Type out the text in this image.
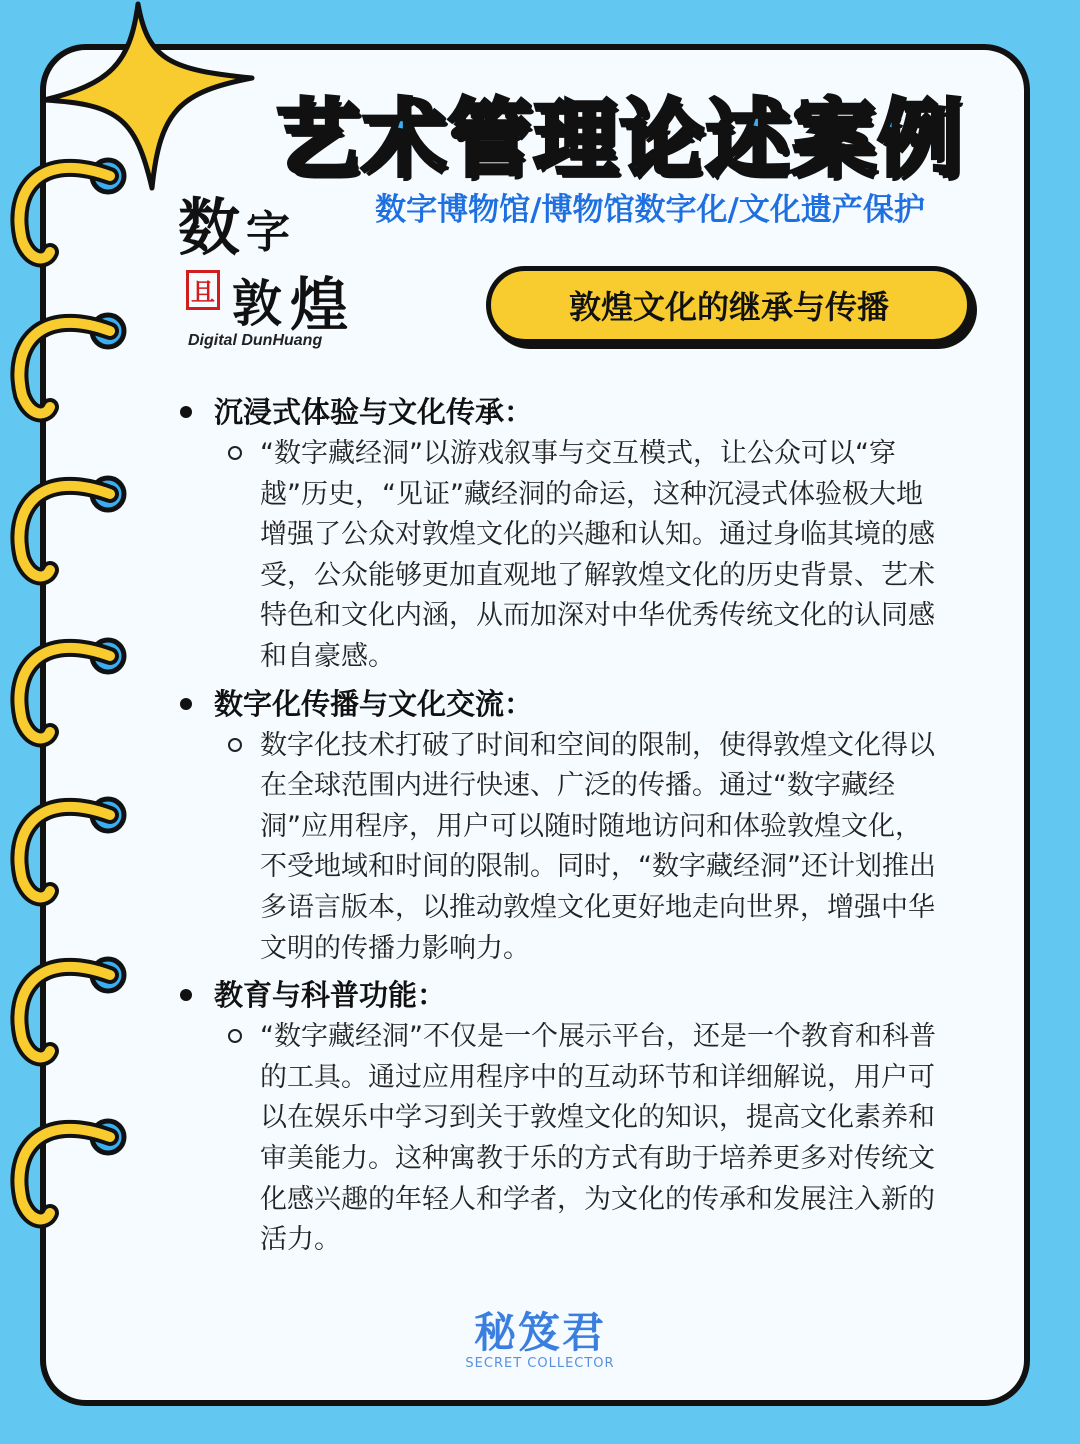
艺术管理论述案例
数字博物馆/博物馆数字化/文化遗产保护
数 字
且 敦 煌
Digital DunHuang
敦煌文化的继承与传播
沉浸式体验与文化传承：
“数字藏经洞”以游戏叙事与交互模式，让公众可以“穿越”历史，“见证”藏经洞的命运，这种沉浸式体验极大地增强了公众对敦煌文化的兴趣和认知。通过身临其境的感受，公众能够更加直观地了解敦煌文化的历史背景、艺术特色和文化内涵，从而加深对中华优秀传统文化的认同感和自豪感。
数字化传播与文化交流：
数字化技术打破了时间和空间的限制，使得敦煌文化得以在全球范围内进行快速、广泛的传播。通过“数字藏经洞”应用程序，用户可以随时随地访问和体验敦煌文化，不受地域和时间的限制。同时，“数字藏经洞”还计划推出多语言版本，以推动敦煌文化更好地走向世界，增强中华文明的传播力影响力。
教育与科普功能：
“数字藏经洞”不仅是一个展示平台，还是一个教育和科普的工具。通过应用程序中的互动环节和详细解说，用户可以在娱乐中学习到关于敦煌文化的知识，提高文化素养和审美能力。这种寓教于乐的方式有助于培养更多对传统文化感兴趣的年轻人和学者，为文化的传承和发展注入新的活力。
秘笈君
SECRET COLLECTOR
